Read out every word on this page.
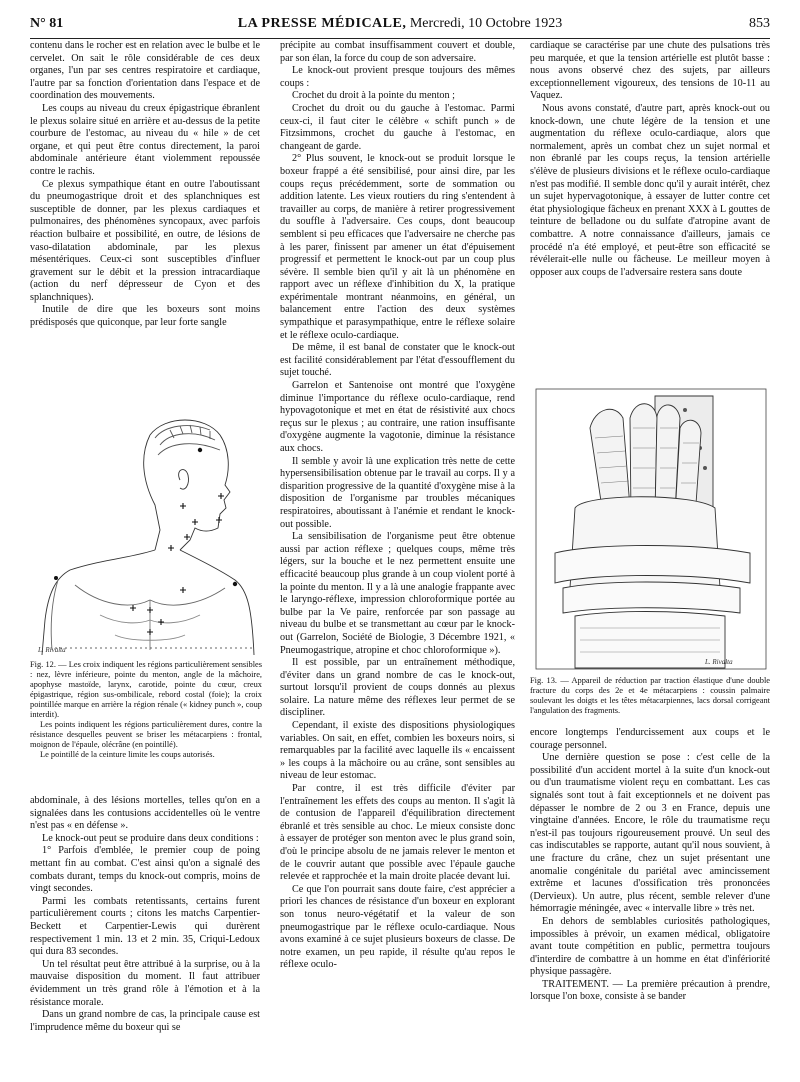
N° 81	LA PRESSE MÉDICALE, Mercredi, 10 Octobre 1923	853

contenu dans le rocher est en relation avec le bulbe et le cervelet. On sait le rôle considérable de ces deux organes, l'un par ses centres respiratoire et cardiaque, l'autre par sa fonction d'orientation dans l'espace et de coordination des mouvements.

Les coups au niveau du creux épigastrique ébranlent le plexus solaire situé en arrière et au-dessus de la petite courbure de l'estomac, au niveau du « hile » de cet organe, et qui peut être contus directement, la paroi abdominale antérieure étant violemment repoussée contre le rachis.

Ce plexus sympathique étant en outre l'aboutissant du pneumogastrique droit et des splanchniques est susceptible de donner, par les plexus cardiaques et pulmonaires, des phénomènes syncopaux, avec parfois réaction bulbaire et possibilité, en outre, de lésions de vaso-dilatation abdominale, par les plexus mésentériques. Ceux-ci sont susceptibles d'influer gravement sur le débit et la pression intracardiaque (action du nerf dépresseur de Cyon et des splanchniques).

Inutile de dire que les boxeurs sont moins prédisposés que quiconque, par leur forte sangle

L. Rivalta

Fig. 12. — Les croix indiquent les régions particulièrement sensibles : nez, lèvre inférieure, pointe du menton, angle de la mâchoire, apophyse mastoïde, larynx, carotide, pointe du cœur, creux épigastrique, région sus-ombilicale, rebord costal (foie); la croix pointillée marque en arrière la région rénale (« kidney punch », coup interdit).

Les points indiquent les régions particulièrement dures, contre la résistance desquelles peuvent se briser les métacarpiens : frontal, moignon de l'épaule, olécrâne (en pointillé).

Le pointillé de la ceinture limite les coups autorisés.

abdominale, à des lésions mortelles, telles qu'on en a signalées dans les contusions accidentelles où le ventre n'est pas « en défense ».

Le knock-out peut se produire dans deux conditions :

1° Parfois d'emblée, le premier coup de poing mettant fin au combat. C'est ainsi qu'on a signalé des combats durant, temps du knock-out compris, moins de vingt secondes.

Parmi les combats retentissants, certains furent particulièrement courts ; citons les matchs Carpentier-Beckett et Carpentier-Lewis qui durèrent respectivement 1 min. 13 et 2 min. 35, Criqui-Ledoux qui dura 83 secondes.

Un tel résultat peut être attribué à la surprise, ou à la mauvaise disposition du moment. Il faut attribuer évidemment un très grand rôle à l'émotion et à la résistance morale.

Dans un grand nombre de cas, la principale cause est l'imprudence même du boxeur qui se

précipite au combat insuffisamment couvert et double, par son élan, la force du coup de son adversaire.

Le knock-out provient presque toujours des mêmes coups :

Crochet du droit à la pointe du menton ;

Crochet du droit ou du gauche à l'estomac. Parmi ceux-ci, il faut citer le célèbre « schift punch » de Fitzsimmons, crochet du gauche à l'estomac, en changeant de garde.

2° Plus souvent, le knock-out se produit lorsque le boxeur frappé a été sensibilisé, pour ainsi dire, par les coups reçus précédemment, sorte de sommation ou addition latente. Les vieux routiers du ring s'entendent à travailler au corps, de manière à retirer progressivement du souffle à l'adversaire. Ces coups, dont beaucoup semblent si peu efficaces que l'adversaire ne cherche pas à les parer, finissent par amener un état d'épuisement progressif et permettent le knock-out par un coup plus sévère. Il semble bien qu'il y ait là un phénomène en rapport avec un réflexe d'inhibition du X, la pratique expérimentale montrant néanmoins, en général, un balancement entre l'action des deux systèmes sympathique et parasympathique, entre le réflexe solaire et le réflexe oculo-cardiaque.

De même, il est banal de constater que le knock-out est facilité considérablement par l'état d'essoufflement du sujet touché.

Garrelon et Santenoise ont montré que l'oxygène diminue l'importance du réflexe oculo-cardiaque, rend hypovagotonique et met en état de résistivité aux chocs reçus sur le plexus ; au contraire, une ration insuffisante d'oxygène augmente la vagotonie, diminue la résistance aux chocs.

Il semble y avoir là une explication très nette de cette hypersensibilisation obtenue par le travail au corps. Il y a disparition progressive de la quantité d'oxygène mise à la disposition de l'organisme par troubles mécaniques respiratoires, aboutissant à l'anémie et rendant le knock-out possible.

La sensibilisation de l'organisme peut être obtenue aussi par action réflexe ; quelques coups, même très légers, sur la bouche et le nez permettent ensuite une efficacité beaucoup plus grande à un coup violent porté à la pointe du menton. Il y a là une analogie frappante avec le laryngo-réflexe, impression chloroformique portée au bulbe par la Ve paire, renforcée par son passage au niveau du bulbe et se transmettant au cœur par le knock-out (Garrelon, Société de Biologie, 3 Décembre 1921, « Pneumogastrique, atropine et choc chloroformique »).

Il est possible, par un entraînement méthodique, d'éviter dans un grand nombre de cas le knock-out, surtout lorsqu'il provient de coups donnés au plexus solaire. La nature même des réflexes leur permet de se discipliner.

Cependant, il existe des dispositions physiologiques variables. On sait, en effet, combien les boxeurs noirs, si remarquables par la facilité avec laquelle ils « encaissent » les coups à la mâchoire ou au crâne, sont sensibles au niveau de leur estomac.

Par contre, il est très difficile d'éviter par l'entraînement les effets des coups au menton. Il s'agit là de contusion de l'appareil d'équilibration directement ébranlé et très sensible au choc. Le mieux consiste donc à essayer de protéger son menton avec le plus grand soin, d'où le principe absolu de ne jamais relever le menton et de le couvrir autant que possible avec l'épaule gauche relevée et rapprochée et la main droite placée devant lui.

Ce que l'on pourrait sans doute faire, c'est apprécier a priori les chances de résistance d'un boxeur en explorant son tonus neuro-végétatif et la valeur de son pneumogastrique par le réflexe oculo-cardiaque. Nous avons examiné à ce sujet plusieurs boxeurs de classe. De notre examen, un peu rapide, il résulte qu'au repos le réflexe oculo-

cardiaque se caractérise par une chute des pulsations très peu marquée, et que la tension artérielle est plutôt basse : nous avons observé chez des sujets, par ailleurs exceptionnellement vigoureux, des tensions de 10-11 au Vaquez.

Nous avons constaté, d'autre part, après knock-out ou knock-down, une chute légère de la tension et une augmentation du réflexe oculo-cardiaque, alors que normalement, après un combat chez un sujet normal et non ébranlé par les coups reçus, la tension artérielle s'élève de plusieurs divisions et le réflexe oculo-cardiaque n'est pas modifié. Il semble donc qu'il y aurait intérêt, chez un sujet hypervagotonique, à essayer de lutter contre cet état physiologique fâcheux en prenant XXX à L gouttes de teinture de belladone ou du sulfate d'atropine avant de combattre. A notre connaissance d'ailleurs, jamais ce procédé n'a été employé, et peut-être son efficacité se révélerait-elle nulle ou fâcheuse. Le meilleur moyen à opposer aux coups de l'adversaire restera sans doute

L. Rivalta
Fig. 13. — Appareil de réduction par traction élastique d'une double fracture du corps des 2e et 4e métacarpiens : coussin palmaire soulevant les doigts et les têtes métacarpiennes, lacs dorsal corrigeant l'angulation des fragments.

encore longtemps l'endurcissement aux coups et le courage personnel.

Une dernière question se pose : c'est celle de la possibilité d'un accident mortel à la suite d'un knock-out ou d'un traumatisme violent reçu en combattant. Les cas signalés sont tout à fait exceptionnels et ne doivent pas dépasser le nombre de 2 ou 3 en France, depuis une vingtaine d'années. Encore, le rôle du traumatisme reçu n'est-il pas toujours rigoureusement prouvé. Un seul des cas indiscutables se rapporte, autant qu'il nous souvient, à une fracture du crâne, chez un sujet présentant une anomalie congénitale du pariétal avec amincissement extrême et lacunes d'ossification très prononcées (Dervieux). Un autre, plus récent, semble relever d'une hémorragie méningée, avec « intervalle libre » très net.

En dehors de semblables curiosités pathologiques, impossibles à prévoir, un examen médical, obligatoire avant toute compétition en public, permettra toujours d'interdire de combattre à un homme en état d'infériorité physique passagère.

TRAITEMENT. — La première précaution à prendre, lorsque l'on boxe, consiste à se bander
